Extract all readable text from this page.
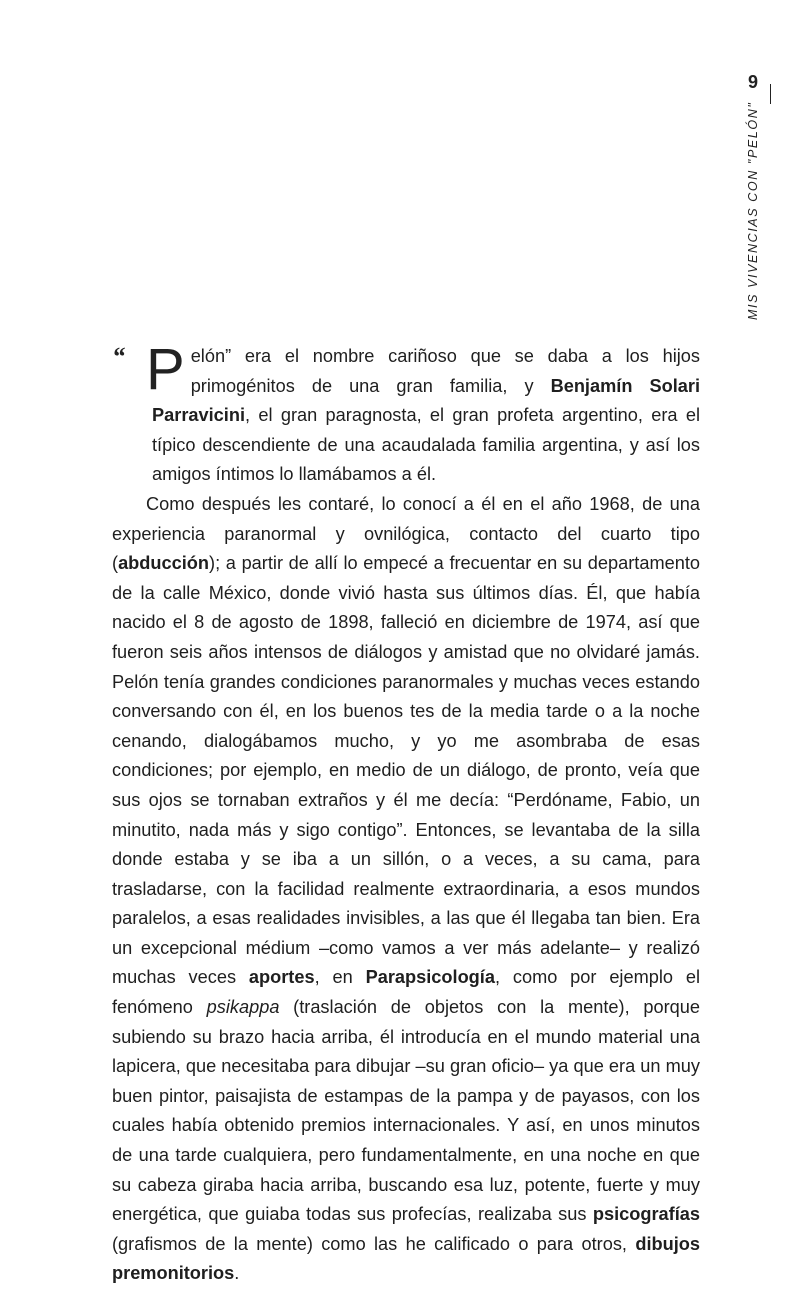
9
MIS VIVENCIAS CON "PELÓN"

“ P elón” era el nombre cariñoso que se daba a los hijos primogénitos de una gran familia, y Benjamín Solari Parravicini, el gran paragnosta, el gran profeta argentino, era el típico descendiente de una acaudalada familia argentina, y así los amigos íntimos lo llamábamos a él.

Como después les contaré, lo conocí a él en el año 1968, de una experiencia paranormal y ovnilógica, contacto del cuarto tipo (abducción); a partir de allí lo empecé a frecuentar en su departamento de la calle México, donde vivió hasta sus últimos días. Él, que había nacido el 8 de agosto de 1898, falleció en diciembre de 1974, así que fueron seis años intensos de diálogos y amistad que no olvidaré jamás. Pelón tenía grandes condiciones paranormales y muchas veces estando conversando con él, en los buenos tes de la media tarde o a la noche cenando, dialogábamos mucho, y yo me asombraba de esas condiciones; por ejemplo, en medio de un diálogo, de pronto, veía que sus ojos se tornaban extraños y él me decía: “Perdóname, Fabio, un minutito, nada más y sigo contigo”. Entonces, se levantaba de la silla donde estaba y se iba a un sillón, o a veces, a su cama, para trasladarse, con la facilidad realmente extraordinaria, a esos mundos paralelos, a esas realidades invisibles, a las que él llegaba tan bien. Era un excepcional médium –como vamos a ver más adelante– y realizó muchas veces aportes, en Parapsicología, como por ejemplo el fenómeno psikappa (traslación de objetos con la mente), porque subiendo su brazo hacia arriba, él introducía en el mundo material una lapicera, que necesitaba para dibujar –su gran oficio– ya que era un muy buen pintor, paisajista de estampas de la pampa y de payasos, con los cuales había obtenido premios internacionales. Y así, en unos minutos de una tarde cualquiera, pero fundamentalmente, en una noche en que su cabeza giraba hacia arriba, buscando esa luz, potente, fuerte y muy energética, que guiaba todas sus profecías, realizaba sus psicografías (grafismos de la mente) como las he calificado o para otros, dibujos premonitorios.
